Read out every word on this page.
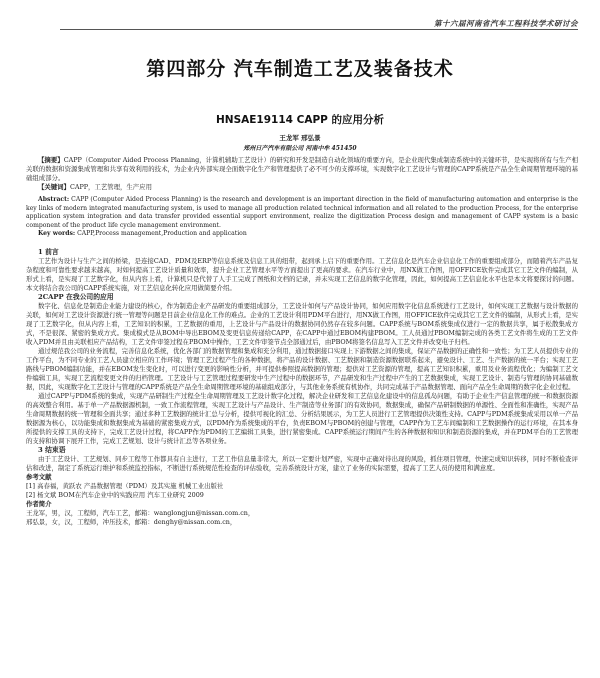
第十六届河南省汽车工程科技学术研讨会
第四部分 汽车制造工艺及装备技术
HNSAE19114 CAPP 的应用分析
王龙军 邢弘景
郑州日产汽车有限公司 河南中牟 451450

【摘要】CAPP（Computer Aided Process Planning，计算机辅助工艺设计）的研究和开发是制造自动化领域的重要方向，是企业现代集成制造系统中的关键环节，是实现将所有与生产相关联的数据和资源集成管理和共享有效利用的技术，为企业内外部实现全面数字化生产和管理提供了必不可少的支撑环境，实现数字化工艺设计与管理的CAPP系统是产品全生命周期管理环境的基础组成部分。

【关键词】CAPP，工艺管理，生产应用

Abstract: CAPP (Computer Aided Process Planning) is the research and development is an important direction in the field of manufacturing automation and enterprise is the key links of modern integrated manufacturing system, is used to manage all production related technical information and all related to the production Process, for the enterprise application system integration and data transfer provided essential support environment, realize the digitization Process design and management of CAPP system is a basic component of the product life cycle management environment.

Key words: CAPP,Process management,Production and application

1 前言

工艺作为设计与生产之间的桥梁，是连接CAD、PDM及ERP等信息系统及信息工具的纽带，起到承上启下的重要作用。工艺信息化是汽车企业信息化工作的重要组成部分，而随着汽车产品复杂程度和可靠性要求越来越高，对如何提高工艺设计质量和效率，提升企业工艺管理水平等方面提出了更高的要求。在汽车行业中，用NX做工作图，用OFFICE软件完成其它工艺文件的编制，从形式上看，是实现了工艺数字化，但从内容上看，计算机只是代替了人手工完成了图纸和文档的记录，并未实现工艺信息的数字化管理，因此，如何提高工艺信息化水平也是本文将要探讨的问题。本文将结合我公司的CAPP系统实施，对工艺信息化转化应用做简要介绍。

2CAPP 在我公司的应用

数字化、信息化是制造企业能力建设的核心，作为制造企业产品研发的重要组成部分，工艺设计如何与产品设计协同，如何应用数字化信息系统进行工艺设计，如何实现工艺数据与设计数据的关联，如何对工艺设计资源进行统一管理等问题是目前企业信息化工作的难点。企业的工艺设计利用PDM平台进行，用NX做工作图，用OFFICE软件完成其它工艺文件的编制，从形式上看，是实现了工艺数字化，但从内容上看，工艺知识的积累，工艺数据的重用，上艺设计与产品设计的数据协同仍然存在较多问题。CAPP系统与BOM系统集成仅进行一定的数据共享，属于松散集成方式，不是很深、紧密的集成方式。集成模式是从BOM中导出EBOM及变更信息传递给CAPP，在CAPP中通过EBOM构建PBOM。工人员通过PBOM编制完成的各类工艺文件将生成的工艺文件收入PDM并且由关联相应产品结构，工艺文件审签过程在PBOM中操作，工艺文件审签节点全部通过后，由PBOM将签名信息写入工艺文件并改变电子归档。

通过规范我公司的业务流程，完善信息化系统，优化各部门的数据管理和集成和充分利用，通过数据接口实现上下游数据之间的集成，保证产品数据的正确性和一致性；为工艺人员提供专业的工作平台，为不同专业的工艺人员建立相应的工作环境；管理工艺过程产生的各种数据，将产品的设计数据、工艺数据和制造资源数据联系起来，避免设计、工艺、生产数据的统一平台；实现工艺路线与PBOM编制功能，并在EBOM发生变化时，可以进行变更的影响性分析，并可提供参照提高数据的管理；提供对工艺资源的管理，提高工艺知识积累，重用及业务流程优化；为编制工艺文件编辑工具，实现工艺流程变更文件的归档管理。工艺设计与工艺管理过程要研发中生产过程中的数据环节，产品研发和生产过程中产生的工艺数据集成，实现工艺设计、制造与管理的协同基础数据，因此，实现数字化工艺设计与管理的CAPP系统是产品全生命周期管理环境的基础组成部分，与其他业务系统有机协作，共同完成基于产品数据管理、面向产品全生命周期的数字化企业过程。

通过CAPP与PDM系统的集成，实现产品研制生产过程全生命周期管理及工艺设计数字化过程，解决企业研发和工艺信息化建设中的信息孤岛问题，有助于企业生产信息管理的统一和数据资源的高效整合利用。基于单一产品数据源机制，一致工作流程管理，实现工艺设计与产品设计、生产制造等业务部门的有效协同，数据集成，确保产品研制数据的单源性、全面性和准确性，实现产品生命周期数据的统一管理和全面共享；通过多种工艺数据的统计汇总与分析，提供可视化的汇总、分析结果展示，为工艺人员进行工艺管理提供决策性支持。CAPP与PDM系统集成采用以单一产品数据源为核心，以功能集成和数据集成为基础的紧密集成方式，以PDM作为系统集成的平台，负责EBOM与PBOM的创建与管理，CAPP作为工艺车间编制和工艺数据操作的运行环境，在其本身所提供的支撑工具的支持下，完成工艺设计过程，将CAPP作为PDM的工艺编辑工具集，进行紧密集成。CAPP系统运行期间产生的各种数据和知识和制造资源的集成，并在PDM平台的工艺管理的支持和协调下展开工作，完成工艺规划、设计与统计汇总等各项业务。

3 结束语

由于工艺设计、工艺规划、同步工程等工作都具有自主进行，工艺工作信息量非常大，所以一定要计划严密，实现中正确对待出现的风险，抓住项目管理，快速完成知识转移，同时不断检查评估和改进，制定了系统运行维护和系统监控指标，不断进行系统规范性检查的评估验收，完善系统设计方案，建立了业务的实际需要，提高了工艺人员的使用和满意度。

参考文献

[1] 高春福，黄跃农 产品数据管理（PDM）及其实施 机械工业出版社

[2] 杨文斌 BOM在汽车企业中的实践应用 汽车工业研究 2009

作者简介

王龙军，男，汉，工程师，汽车工艺，邮箱：wanglongjun@nissan.com.cn，

邢弘景，女，汉，工程师，冲压技术，邮箱：denghy@nissan.com.cn，
